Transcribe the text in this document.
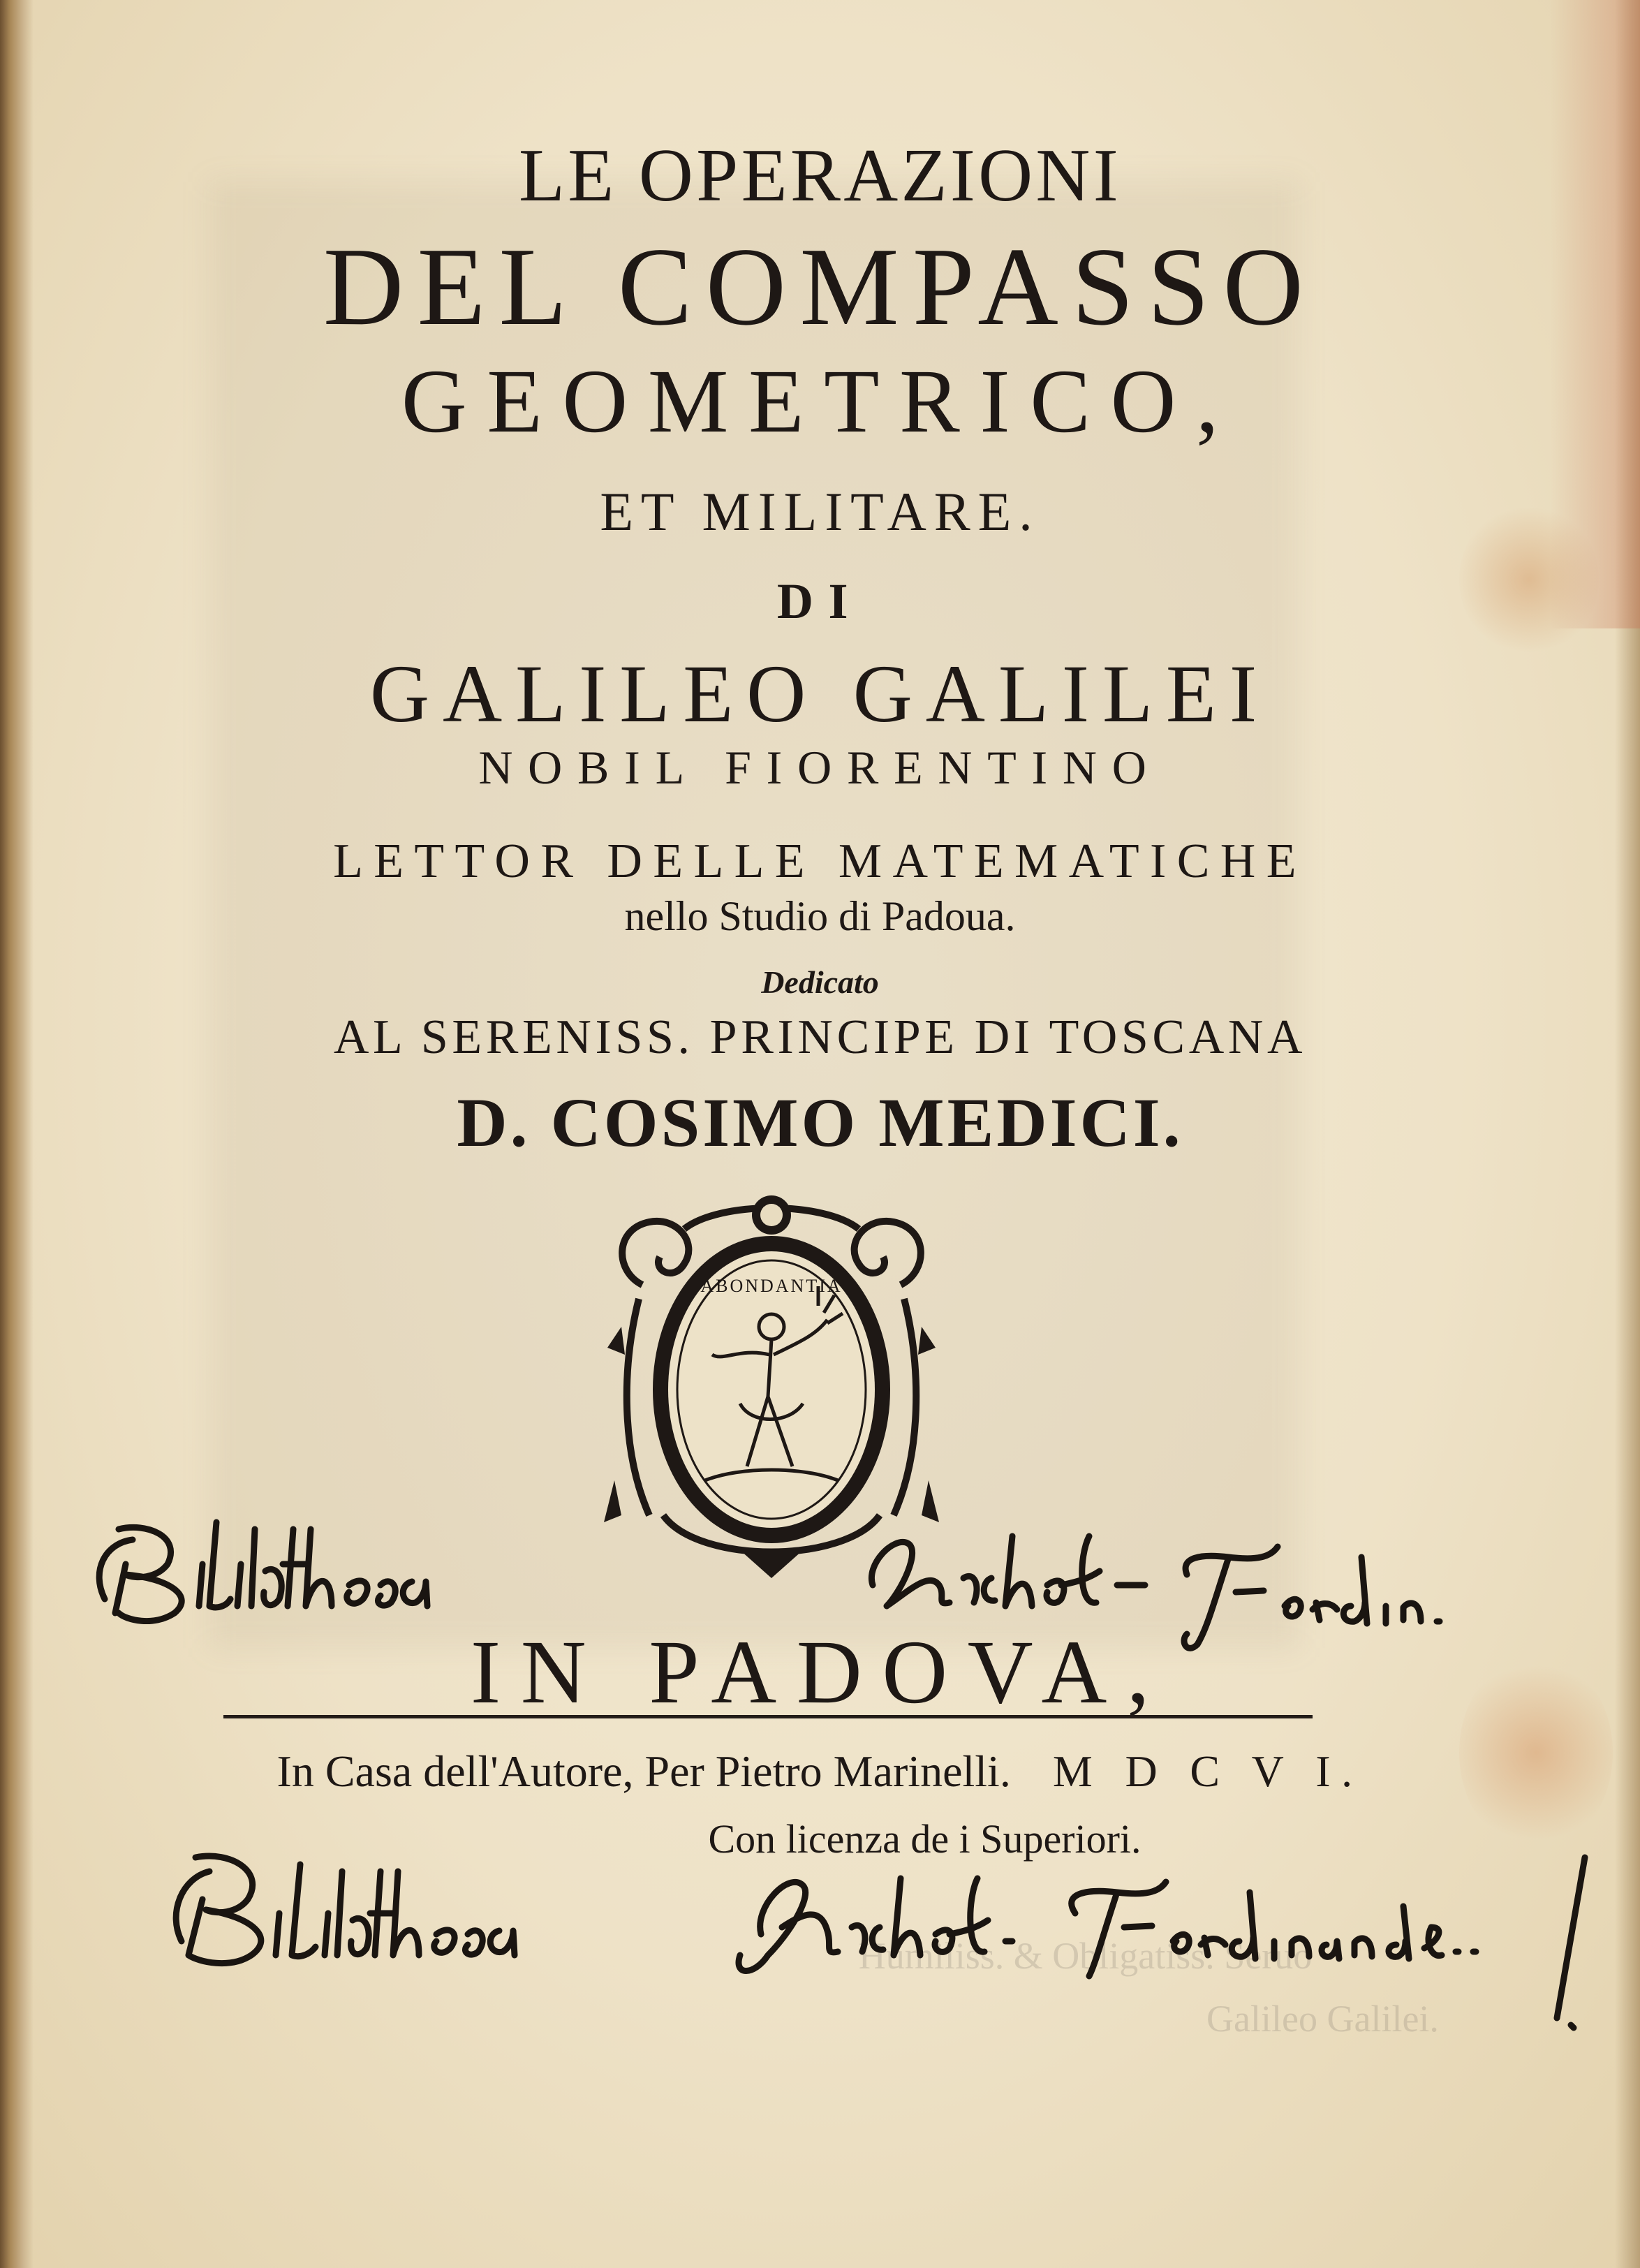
Humiliss. & Obligatiss. Seruo
Galileo Galilei.
LE OPERAZIONI
DEL COMPASSO
GEOMETRICO,
ET MILITARE.
DI
GALILEO GALILEI
NOBIL FIORENTINO
LETTOR DELLE MATEMATICHE
nello Studio di Padoua.
Dedicato
AL SERENISS. PRINCIPE DI TOSCANA
D. COSIMO MEDICI.
ABONDANTIA
IN PADOVA,
In Casa dell'Autore, Per Pietro Marinelli. M D C V I.
Con licenza de i Superiori.
